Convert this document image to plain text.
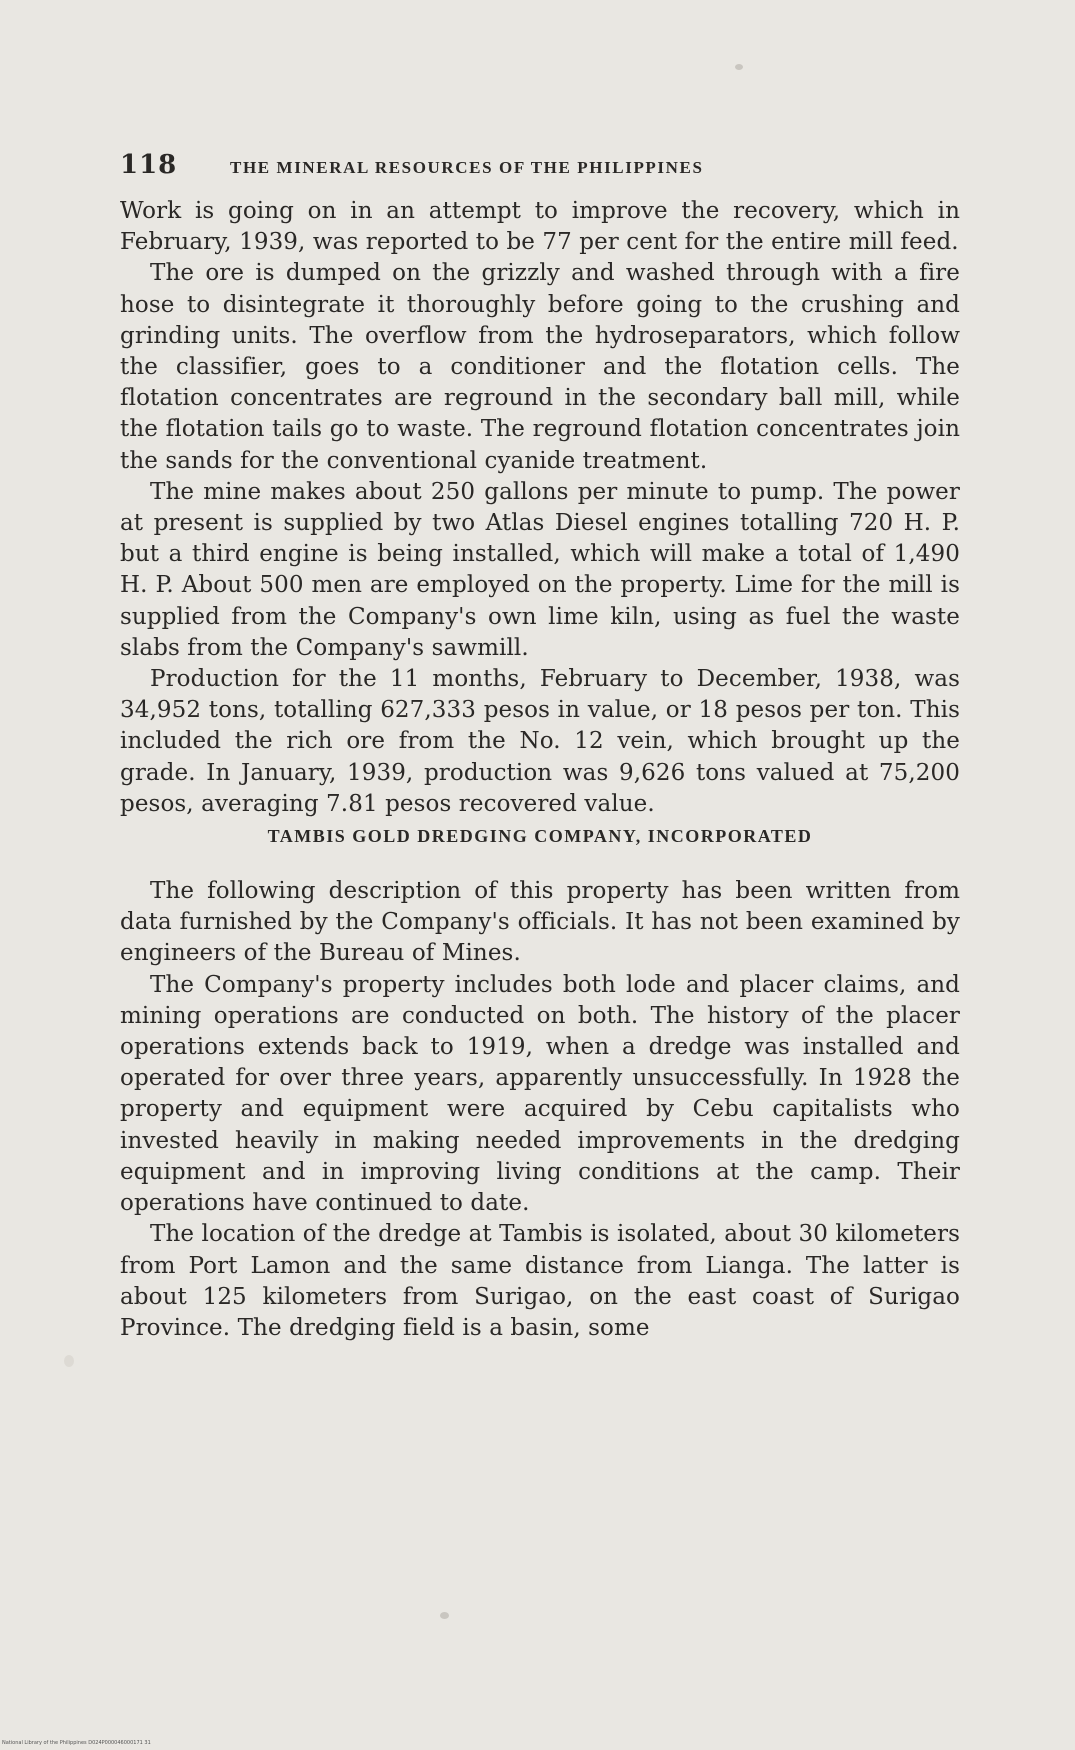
118	THE MINERAL RESOURCES OF THE PHILIPPINES

Work is going on in an attempt to improve the recovery, which in February, 1939, was reported to be 77 per cent for the entire mill feed.

The ore is dumped on the grizzly and washed through with a fire hose to disintegrate it thoroughly before going to the crushing and grinding units. The overflow from the hydroseparators, which follow the classifier, goes to a conditioner and the flotation cells. The flotation concentrates are reground in the secondary ball mill, while the flotation tails go to waste. The reground flotation concentrates join the sands for the conventional cyanide treatment.

The mine makes about 250 gallons per minute to pump. The power at present is supplied by two Atlas Diesel engines totalling 720 H. P. but a third engine is being installed, which will make a total of 1,490 H. P. About 500 men are employed on the property. Lime for the mill is supplied from the Company's own lime kiln, using as fuel the waste slabs from the Company's sawmill.

Production for the 11 months, February to December, 1938, was 34,952 tons, totalling 627,333 pesos in value, or 18 pesos per ton. This included the rich ore from the No. 12 vein, which brought up the grade. In January, 1939, production was 9,626 tons valued at 75,200 pesos, averaging 7.81 pesos recovered value.

TAMBIS GOLD DREDGING COMPANY, INCORPORATED

The following description of this property has been written from data furnished by the Company's officials. It has not been examined by engineers of the Bureau of Mines.

The Company's property includes both lode and placer claims, and mining operations are conducted on both. The history of the placer operations extends back to 1919, when a dredge was installed and operated for over three years, apparently unsuccessfully. In 1928 the property and equipment were acquired by Cebu capitalists who invested heavily in making needed improvements in the dredging equipment and in improving living conditions at the camp. Their operations have continued to date.

The location of the dredge at Tambis is isolated, about 30 kilometers from Port Lamon and the same distance from Lianga. The latter is about 125 kilometers from Surigao, on the east coast of Surigao Province. The dredging field is a basin, some

National Library of the Philippines D024P000046000171 31
